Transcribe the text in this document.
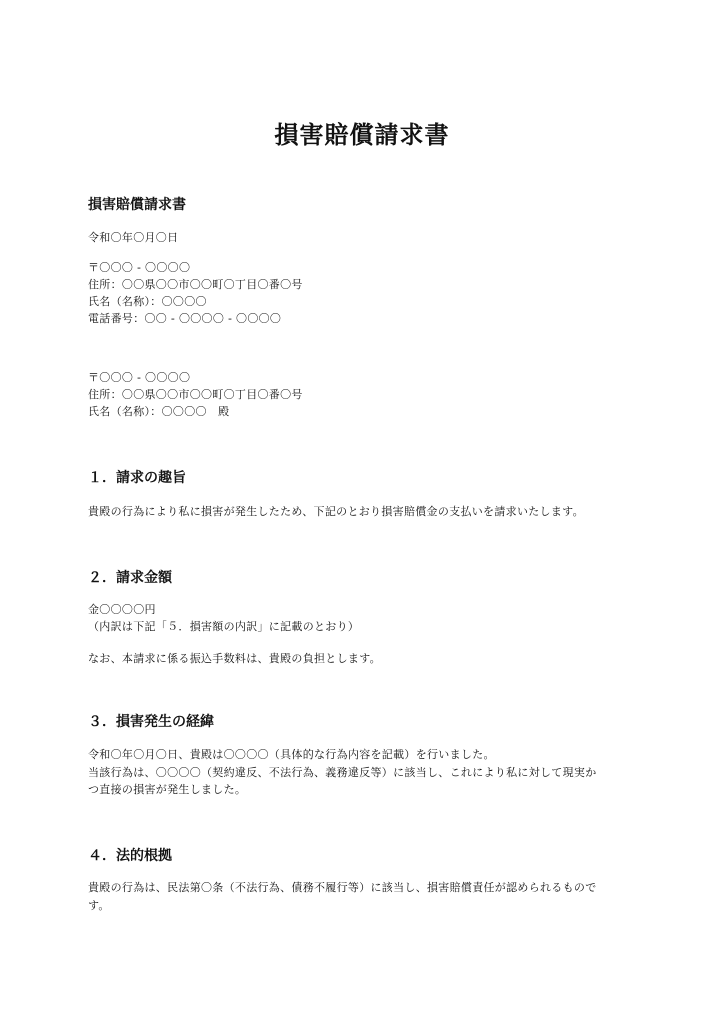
損害賠償請求書
損害賠償請求書
令和〇年〇月〇日
〒〇〇〇 - 〇〇〇〇
住所：〇〇県〇〇市〇〇町〇丁目〇番〇号
氏名（名称）：〇〇〇〇
電話番号：〇〇 - 〇〇〇〇 - 〇〇〇〇
〒〇〇〇 - 〇〇〇〇
住所：〇〇県〇〇市〇〇町〇丁目〇番〇号
氏名（名称）：〇〇〇〇　殿
１．請求の趣旨
貴殿の行為により私に損害が発生したため、下記のとおり損害賠償金の支払いを請求いたします。
２．請求金額
金〇〇〇〇円
（内訳は下記「５．損害額の内訳」に記載のとおり）
なお、本請求に係る振込手数料は、貴殿の負担とします。
３．損害発生の経緯
令和〇年〇月〇日、貴殿は〇〇〇〇（具体的な行為内容を記載）を行いました。
当該行為は、〇〇〇〇（契約違反、不法行為、義務違反等）に該当し、これにより私に対して現実か
つ直接の損害が発生しました。
４．法的根拠
貴殿の行為は、民法第〇条（不法行為、債務不履行等）に該当し、損害賠償責任が認められるもので
す。
